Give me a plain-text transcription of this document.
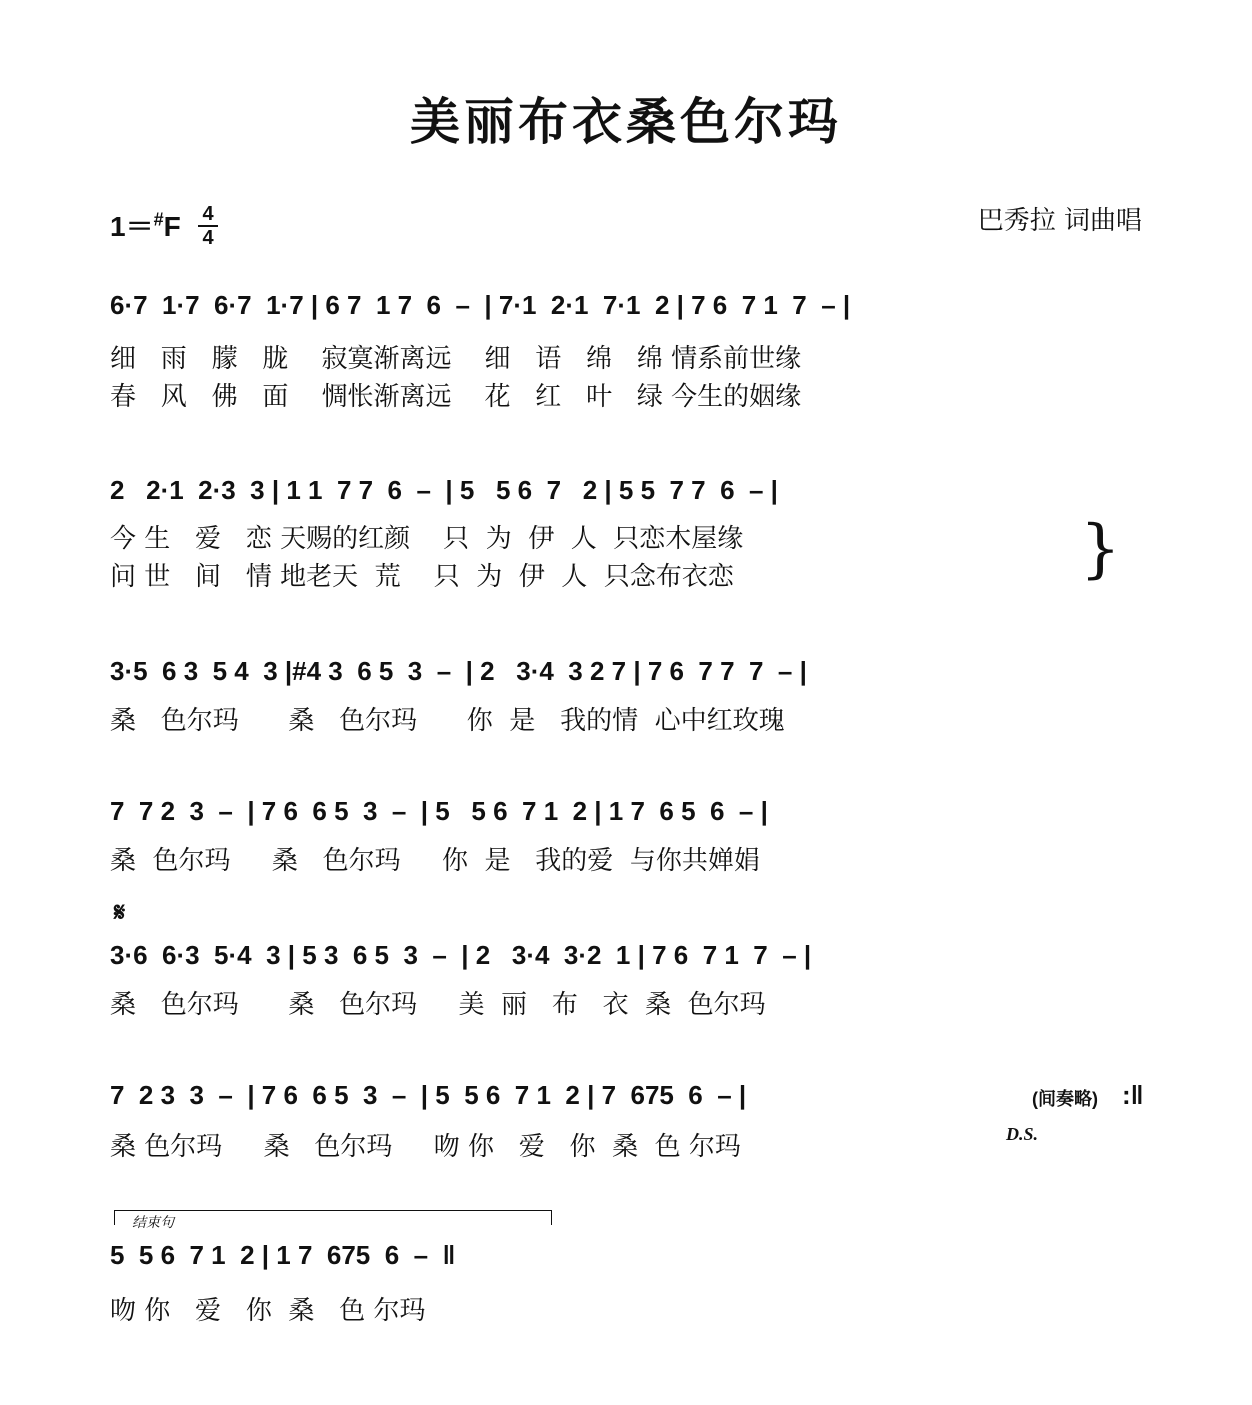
美丽布衣桑色尔玛
1＝#F 4
4
巴秀拉 词曲唱
6·7  1·7  6·7  1·7 | 6 7  1 7  6  –  | 7·1  2·1  7·1  2 | 7 6  7 1  7  – |
细   雨   朦   胧    寂寞渐离远    细   语   绵   绵 情系前世缘
春   风   佛   面    惆怅渐离远    花   红   叶   绿 今生的姻缘
2   2·1  2·3  3 | 1 1  7 7  6  –  | 5   5 6  7   2 | 5 5  7 7  6  – |
今 生   爱   恋 天赐的红颜    只  为  伊  人  只恋木屋缘
问 世   间   情 地老天  荒    只  为  伊  人  只念布衣恋	}
3·5  6 3  5 4  3 |#4 3  6 5  3  –  | 2   3·4  3 2 7 | 7 6  7 7  7  – |
桑   色尔玛      桑   色尔玛      你  是   我的情  心中红玫瑰
7  7 2  3  –  | 7 6  6 5  3  –  | 5   5 6  7 1  2 | 1 7  6 5  6  – |
桑  色尔玛     桑   色尔玛     你  是   我的爱  与你共婵娟
𝄋
3·6  6·3  5·4  3 | 5 3  6 5  3  –  | 2   3·4  3·2  1 | 7 6  7 1  7  – |
桑   色尔玛      桑   色尔玛     美  丽   布   衣  桑  色尔玛
7  2 3  3  –  | 7 6  6 5  3  –  | 5  5 6  7 1  2 | 7  675  6  – |	(间奏略) :‖
桑 色尔玛     桑   色尔玛     吻 你   爱   你  桑  色 尔玛	D.S.
结束句
5  5 6  7 1  2 | 1 7  675  6  –  ‖
吻 你   爱   你  桑   色 尔玛
